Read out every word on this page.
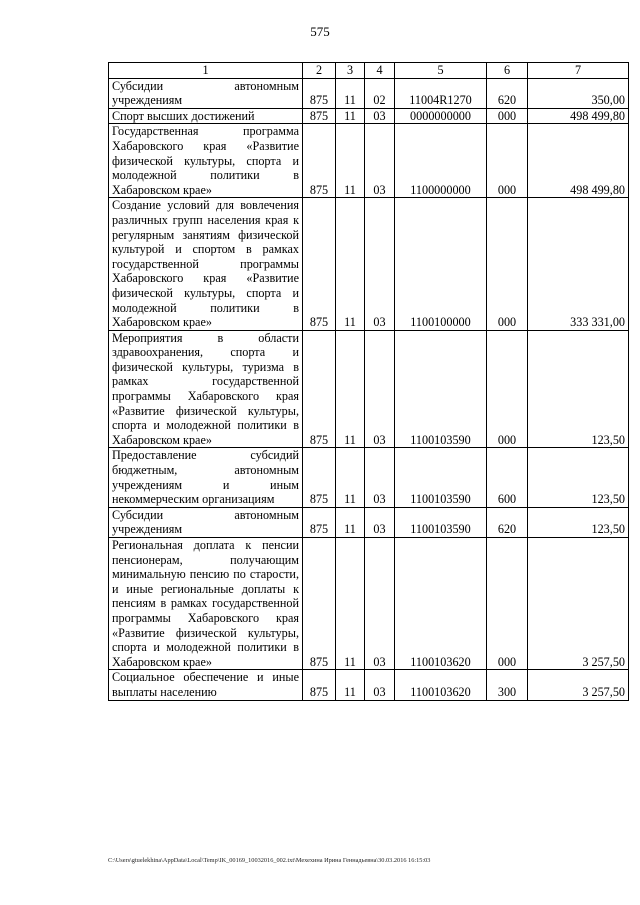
575
1	2	3	4	5	6	7
Субсидии автономным учреждениям	875	11	02	11004R1270	620	350,00
Спорт высших достижений	875	11	03	0000000000	000	498 499,80
Государственная программа Хабаровского края «Развитие физической культуры, спорта и молодежной политики в Хабаровском крае»	875	11	03	1100000000	000	498 499,80
Создание условий для вовлечения различных групп населения края к регулярным занятиям физической культурой и спортом в рамках государственной программы Хабаровского края «Развитие физической культуры, спорта и молодежной политики в Хабаровском крае»	875	11	03	1100100000	000	333 331,00
Мероприятия в области здравоохранения, спорта и физической культуры, туризма в рамках государственной программы Хабаровского края «Развитие физической культуры, спорта и молодежной политики в Хабаровском крае»	875	11	03	1100103590	000	123,50
Предоставление субсидий бюджетным, автономным учреждениям и иным некоммерческим организациям	875	11	03	1100103590	600	123,50
Субсидии автономным учреждениям	875	11	03	1100103590	620	123,50
Региональная доплата к пенсии пенсионерам, получающим минимальную пенсию по старости, и иные региональные доплаты к пенсиям в рамках государственной программы Хабаровского края «Развитие физической культуры, спорта и молодежной политики в Хабаровском крае»	875	11	03	1100103620	000	3 257,50
Социальное обеспечение и иные выплаты населению	875	11	03	1100103620	300	3 257,50
C:\Users\gtuelekhina\AppData\Local\Temp\IK_00169_10032016_002.txt\Мехехина Ирина Геннадьевна\30.03.2016 16:15:03
